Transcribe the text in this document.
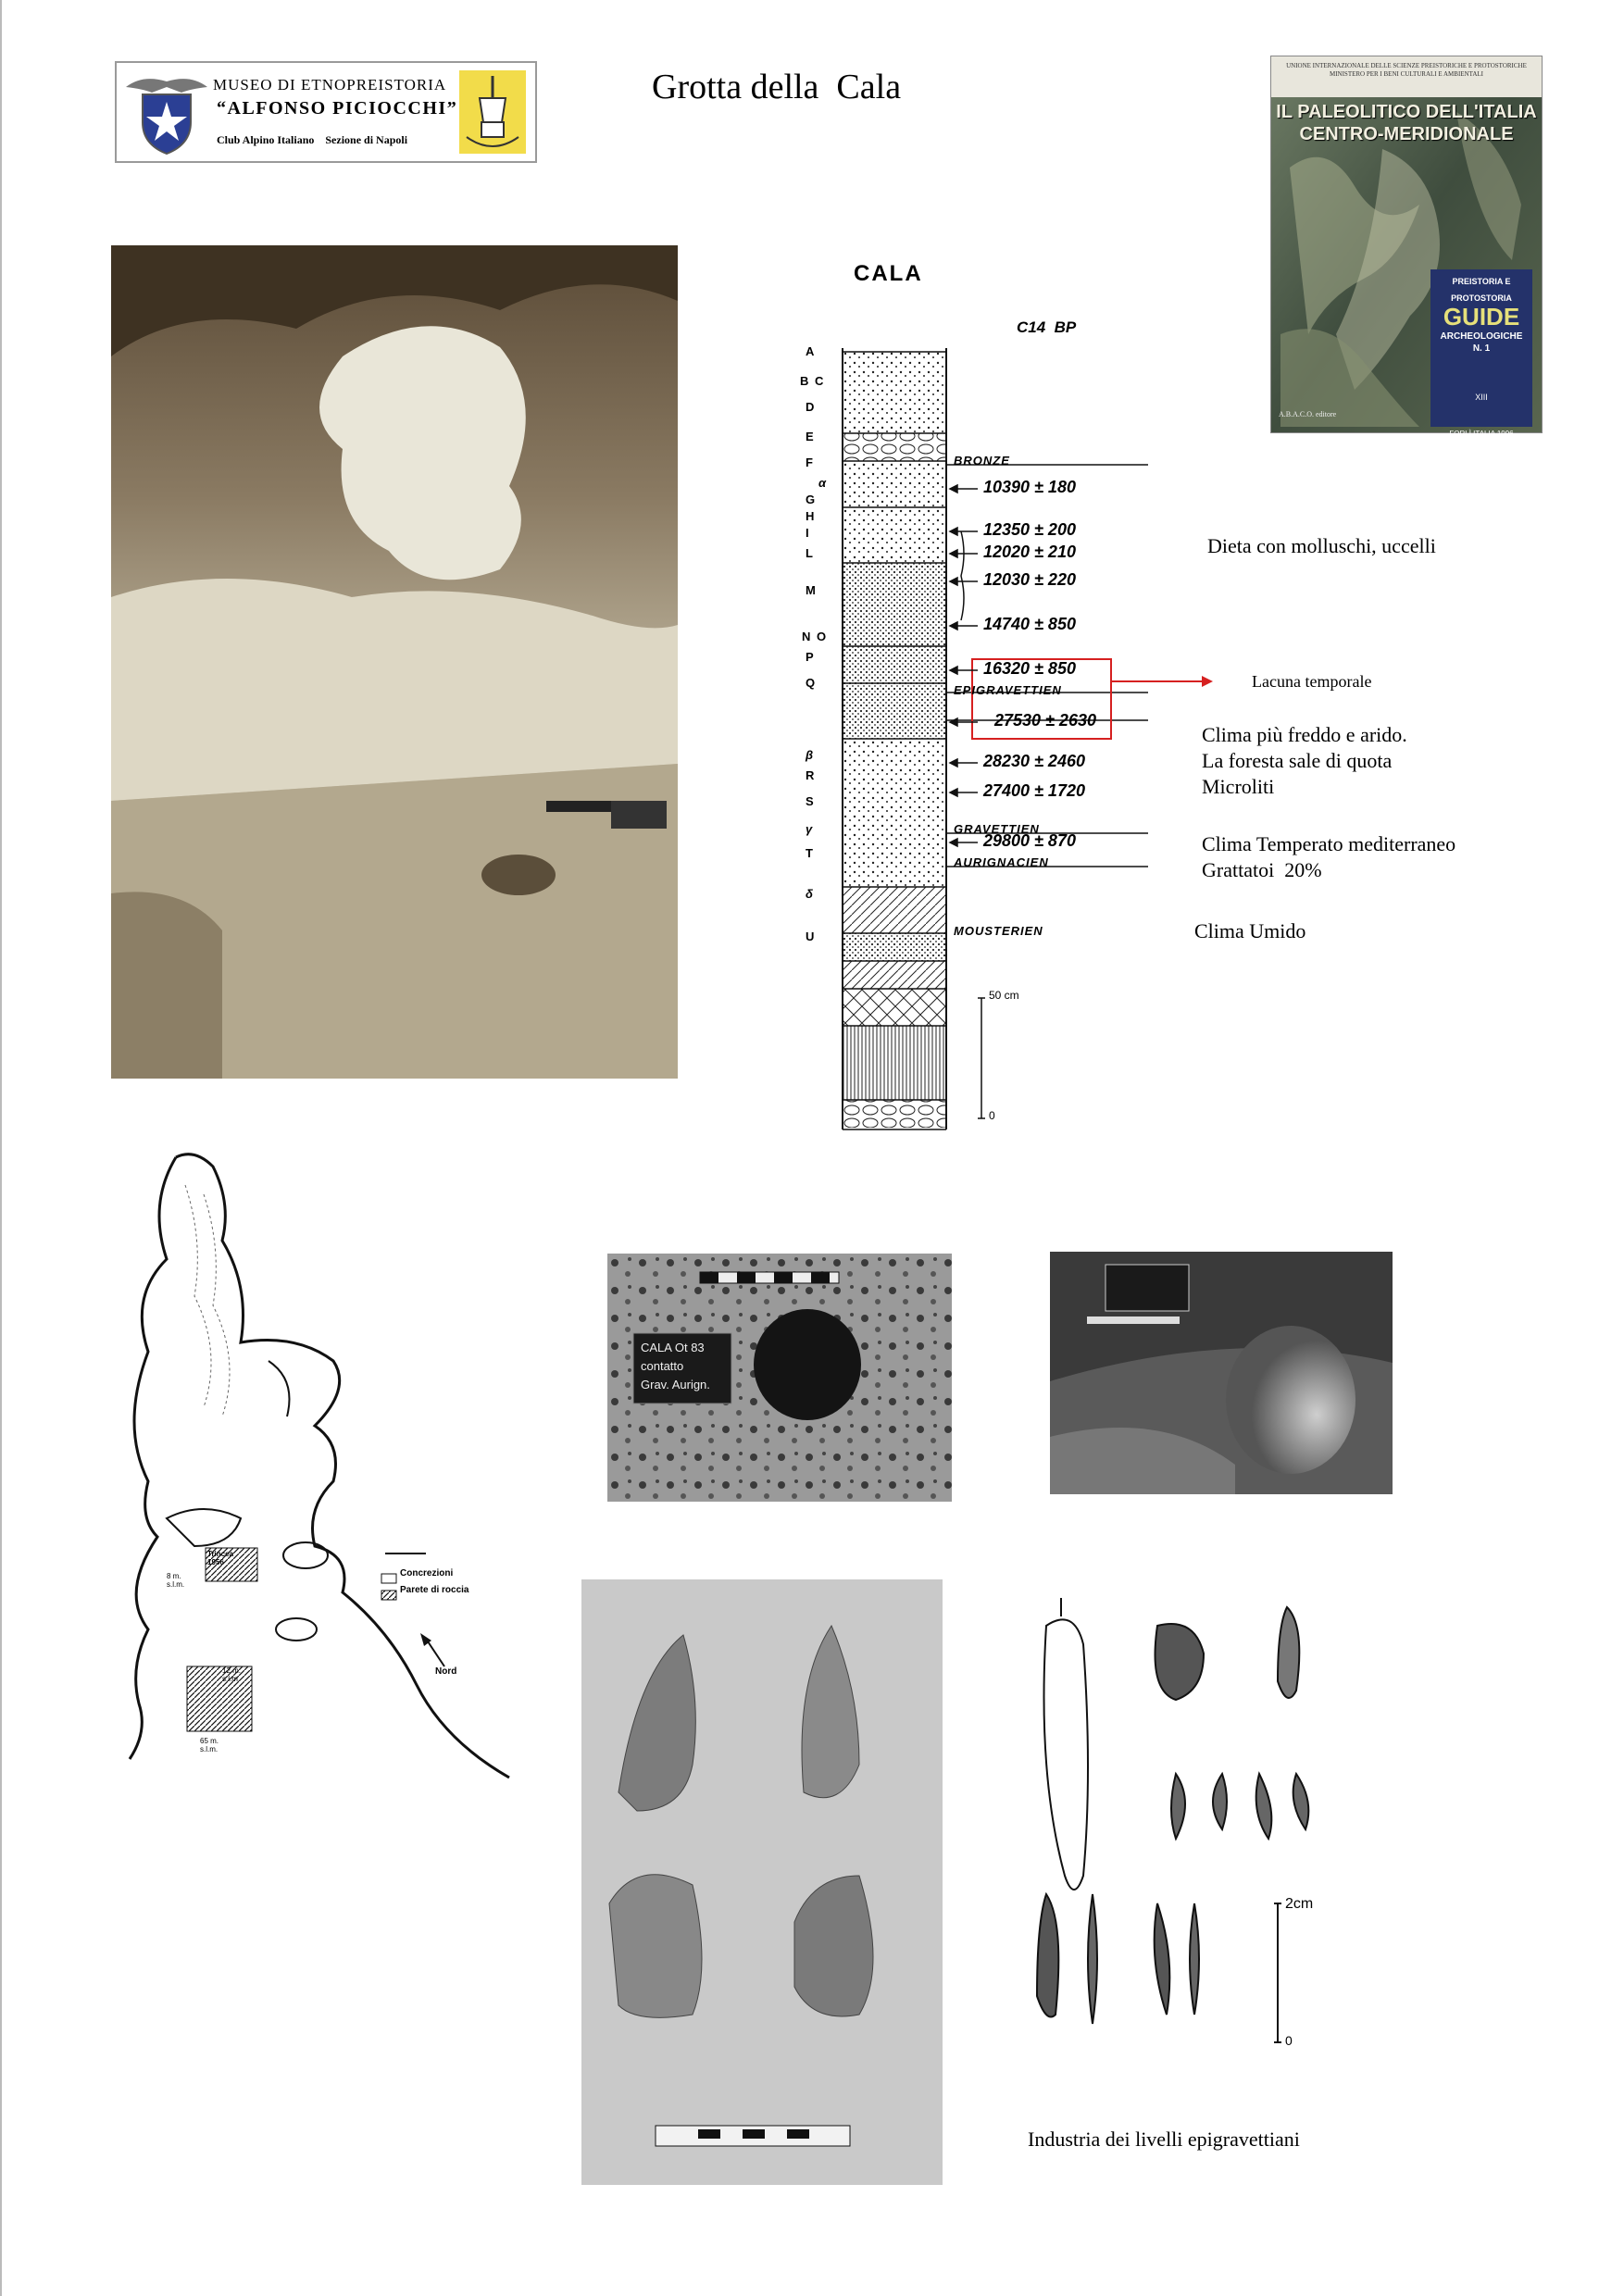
MUSEO DI ETNOPREISTORIA
“ALFONSO PICIOCCHI”
Club Alpino Italiano    Sezione di Napoli
Grotta della  Cala
UNIONE INTERNAZIONALE DELLE SCIENZE PREISTORICHE E PROTOSTORICHE MINISTERO PER I BENI CULTURALI E AMBIENTALI
IL PALEOLITICO DELL'ITALIA
CENTRO-MERIDIONALE
PREISTORIA E
PROTOSTORIA
GUIDE
ARCHEOLOGICHE
N. 1
XIII
FORLÌ ITALIA 1996
A.B.A.C.O. editore
CALA
C14  BP
A
B C
D
E
F
α
G
H
I
L
M
N O
P
Q
β
R
S
γ
T
δ
U
BRONZE
EPIGRAVETTIEN
GRAVETTIEN
AURIGNACIEN
MOUSTERIEN
10390 ± 180
12350 ± 200
12020 ± 210
12030 ± 220
14740 ± 850
16320 ± 850
27530 ± 2630
28230 ± 2460
27400 ± 1720
29800 ± 870
50 cm
0
Dieta con molluschi, uccelli
Lacuna temporale
Clima più freddo e arido.
La foresta sale di quota
Microliti
Clima Temperato mediterraneo
Grattatoi  20%
Clima Umido
Concrezioni
Parete di roccia
Nord
Trincea
1956
8 m.
s.l.m.
12 m.
s.l.m.
65 m.
s.l.m.
CALA Ot 83
contatto
Grav. Aurign.
2cm
0
Industria dei livelli epigravettiani
